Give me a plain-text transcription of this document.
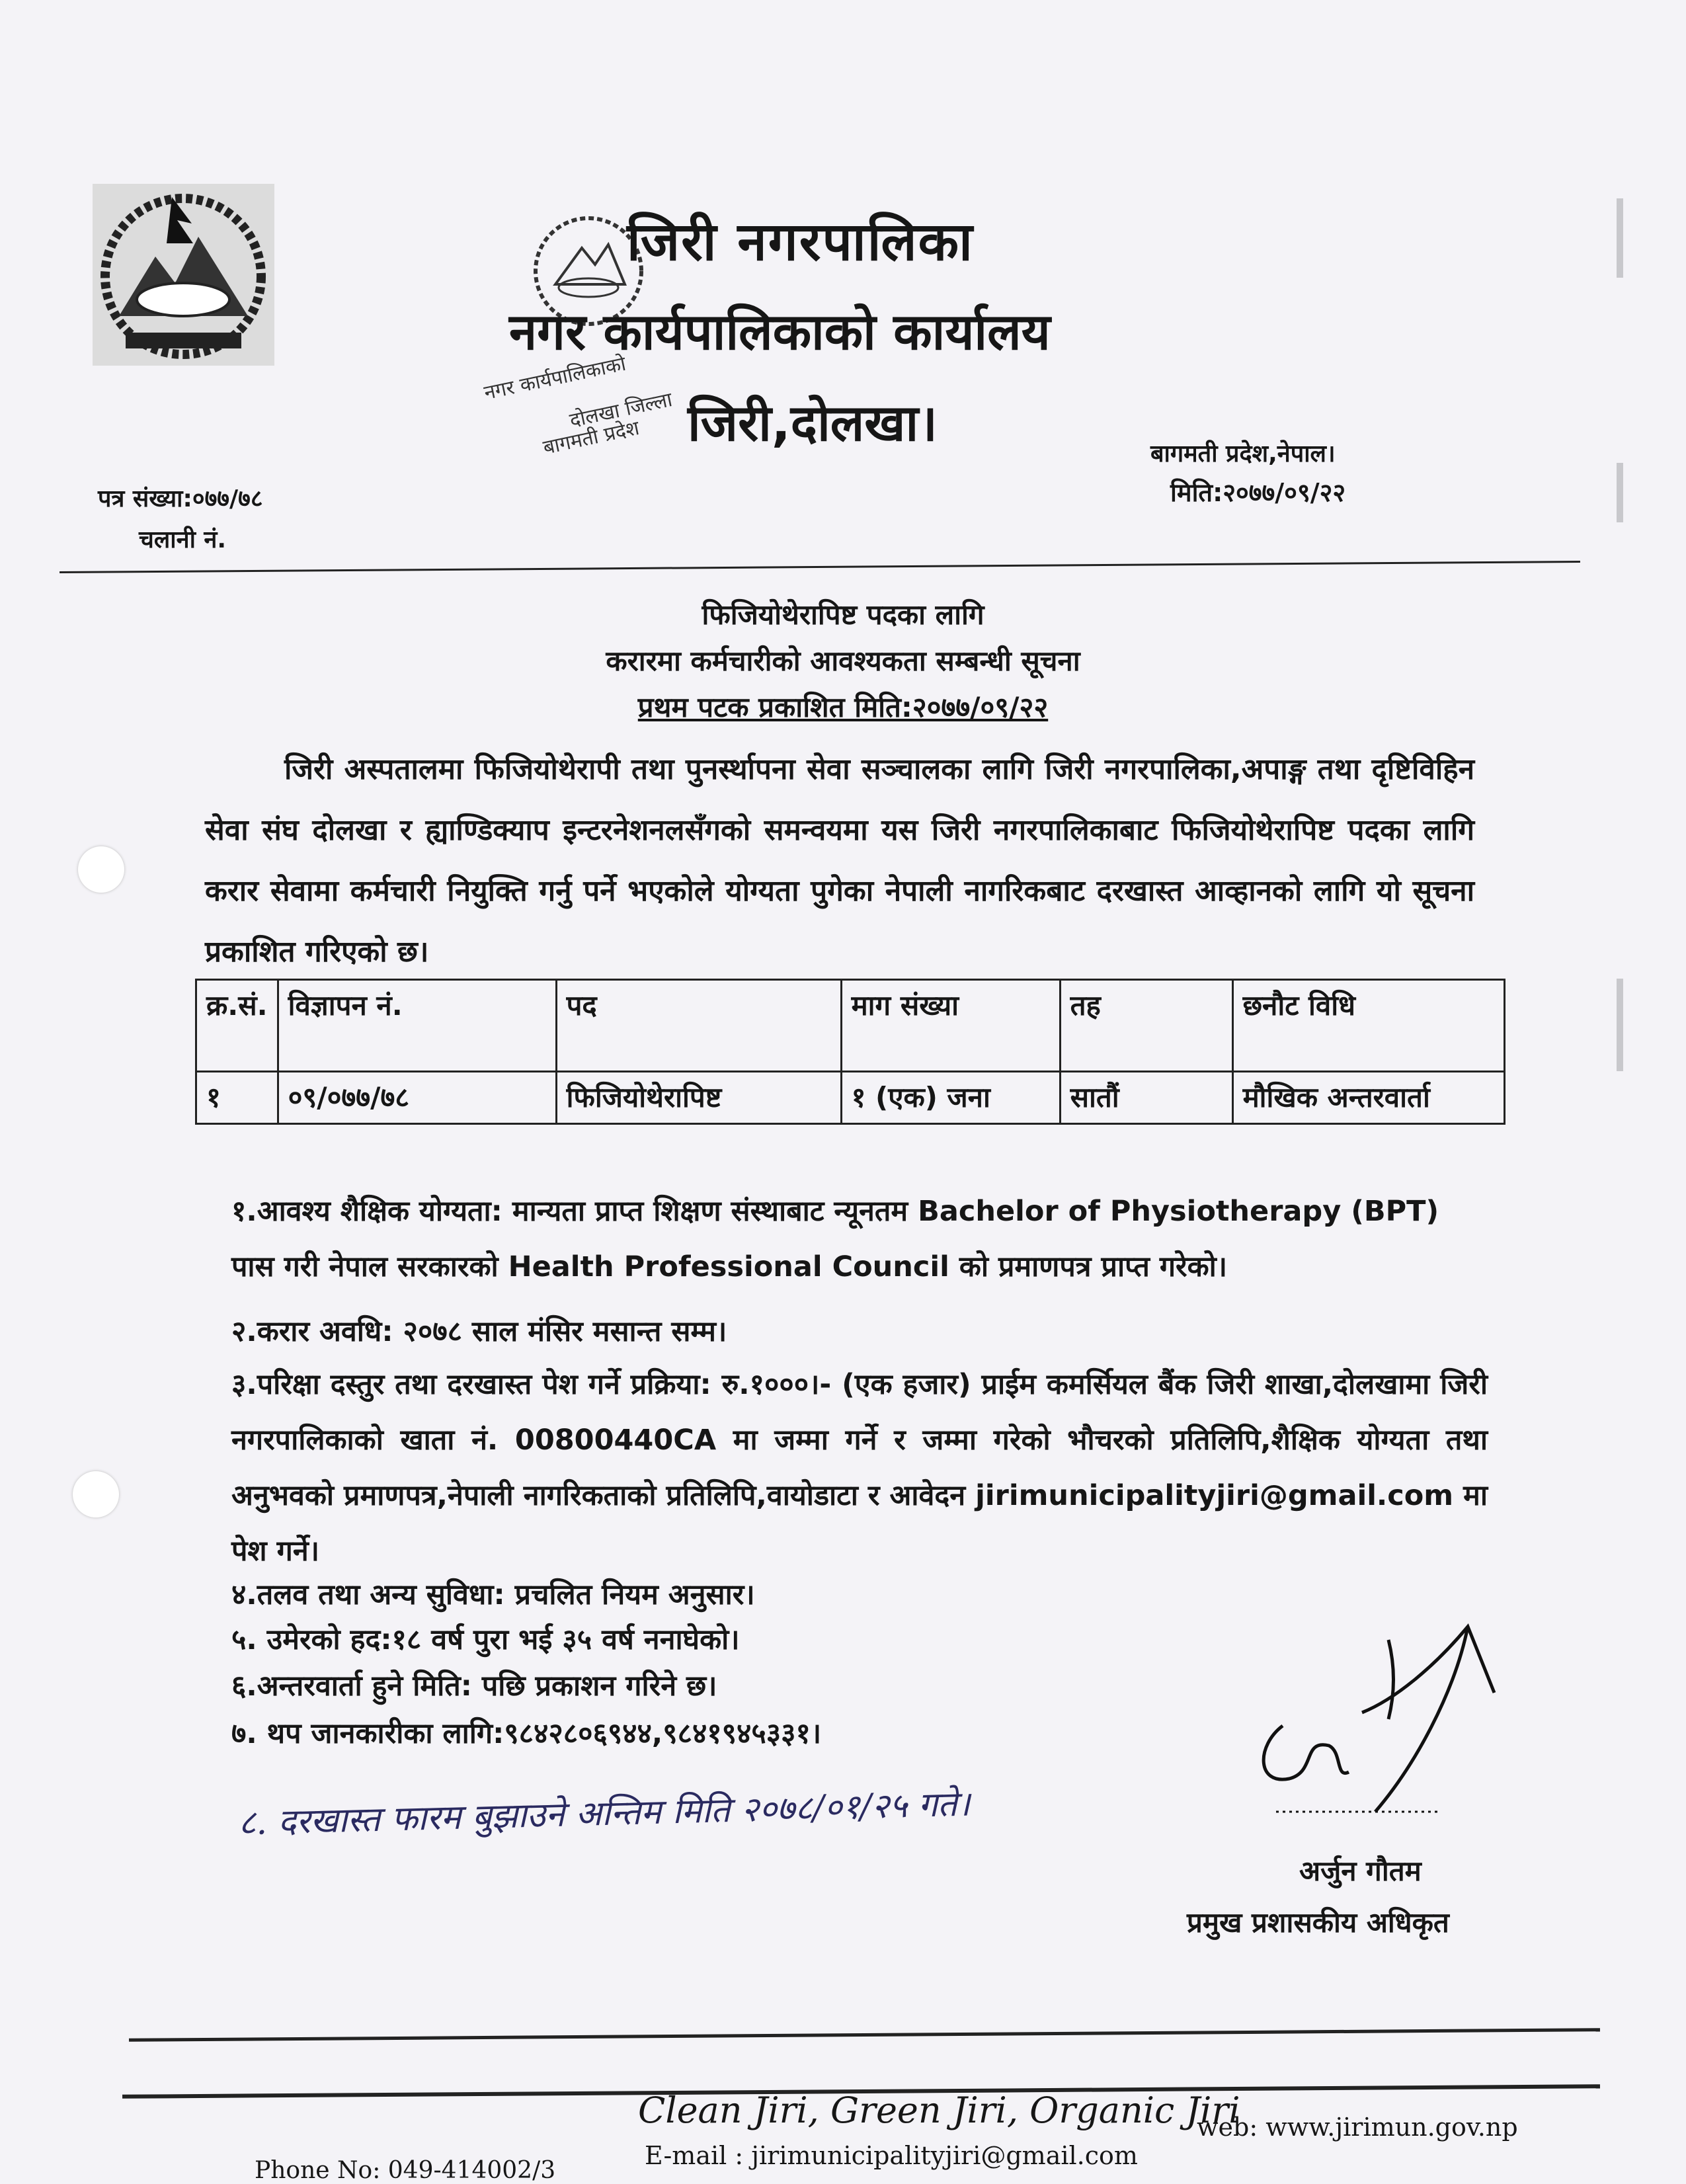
नगर कार्यपालिकाको
दोलखा जिल्ला
बागमती प्रदेश
जिरी नगरपालिका
नगर कार्यपालिकाको कार्यालय
जिरी,दोलखा।
बागमती प्रदेश,नेपाल।
मिति:२०७७/०९/२२
पत्र संख्या:०७७/७८
चलानी नं.
फिजियोथेरापिष्ट पदका लागि
करारमा कर्मचारीको आवश्यकता सम्बन्धी सूचना
प्रथम पटक प्रकाशित मिति:२०७७/०९/२२
जिरी अस्पतालमा फिजियोथेरापी तथा पुनर्स्थापना सेवा सञ्चालका लागि जिरी नगरपालिका,अपाङ्ग तथा दृष्टिविहिन सेवा संघ दोलखा र ह्याण्डिक्याप इन्टरनेशनलसँगको समन्वयमा यस जिरी नगरपालिकाबाट फिजियोथेरापिष्ट पदका लागि करार सेवामा कर्मचारी नियुक्ति गर्नु पर्ने भएकोले योग्यता पुगेका नेपाली नागरिकबाट दरखास्त आव्हानको लागि यो सूचना प्रकाशित गरिएको छ।
क्र.सं.	विज्ञापन नं.	पद	माग संख्या	तह	छनौट विधि
१	०९/०७७/७८	फिजियोथेरापिष्ट	१ (एक) जना	सातौं	मौखिक अन्तरवार्ता
१.आवश्य शैक्षिक योग्यता: मान्यता प्राप्त शिक्षण संस्थाबाट न्यूनतम Bachelor of Physiotherapy (BPT) पास गरी नेपाल सरकारको Health Professional Council को प्रमाणपत्र प्राप्त गरेको।
२.करार अवधि: २०७८ साल मंसिर मसान्त सम्म।
३.परिक्षा दस्तुर तथा दरखास्त पेश गर्ने प्रक्रिया: रु.१०००।- (एक हजार) प्राईम कमर्सियल बैंक जिरी शाखा,दोलखामा जिरी नगरपालिकाको खाता नं. 00800440CA मा जम्मा गर्ने र जम्मा गरेको भौचरको प्रतिलिपि,शैक्षिक योग्यता तथा अनुभवको प्रमाणपत्र,नेपाली नागरिकताको प्रतिलिपि,वायोडाटा र आवेदन jirimunicipalityjiri@gmail.com मा पेश गर्ने।
४.तलव तथा अन्य सुविधा: प्रचलित नियम अनुसार।
५. उमेरको हद:१८ वर्ष पुरा भई ३५ वर्ष ननाघेको।
६.अन्तरवार्ता हुने मिति: पछि प्रकाशन गरिने छ।
७. थप जानकारीका लागि:९८४२८०६९४४,९८४१९४५३३१।
८. दरखास्त फारम बुझाउने अन्तिम मिति २०७८/०१/२५ गते।
अर्जुन गौतम
प्रमुख प्रशासकीय अधिकृत
Clean Jiri, Green Jiri, Organic Jiri
E-mail : jirimunicipalityjiri@gmail.com
web: www.jirimun.gov.np
Phone No: 049-414002/3
